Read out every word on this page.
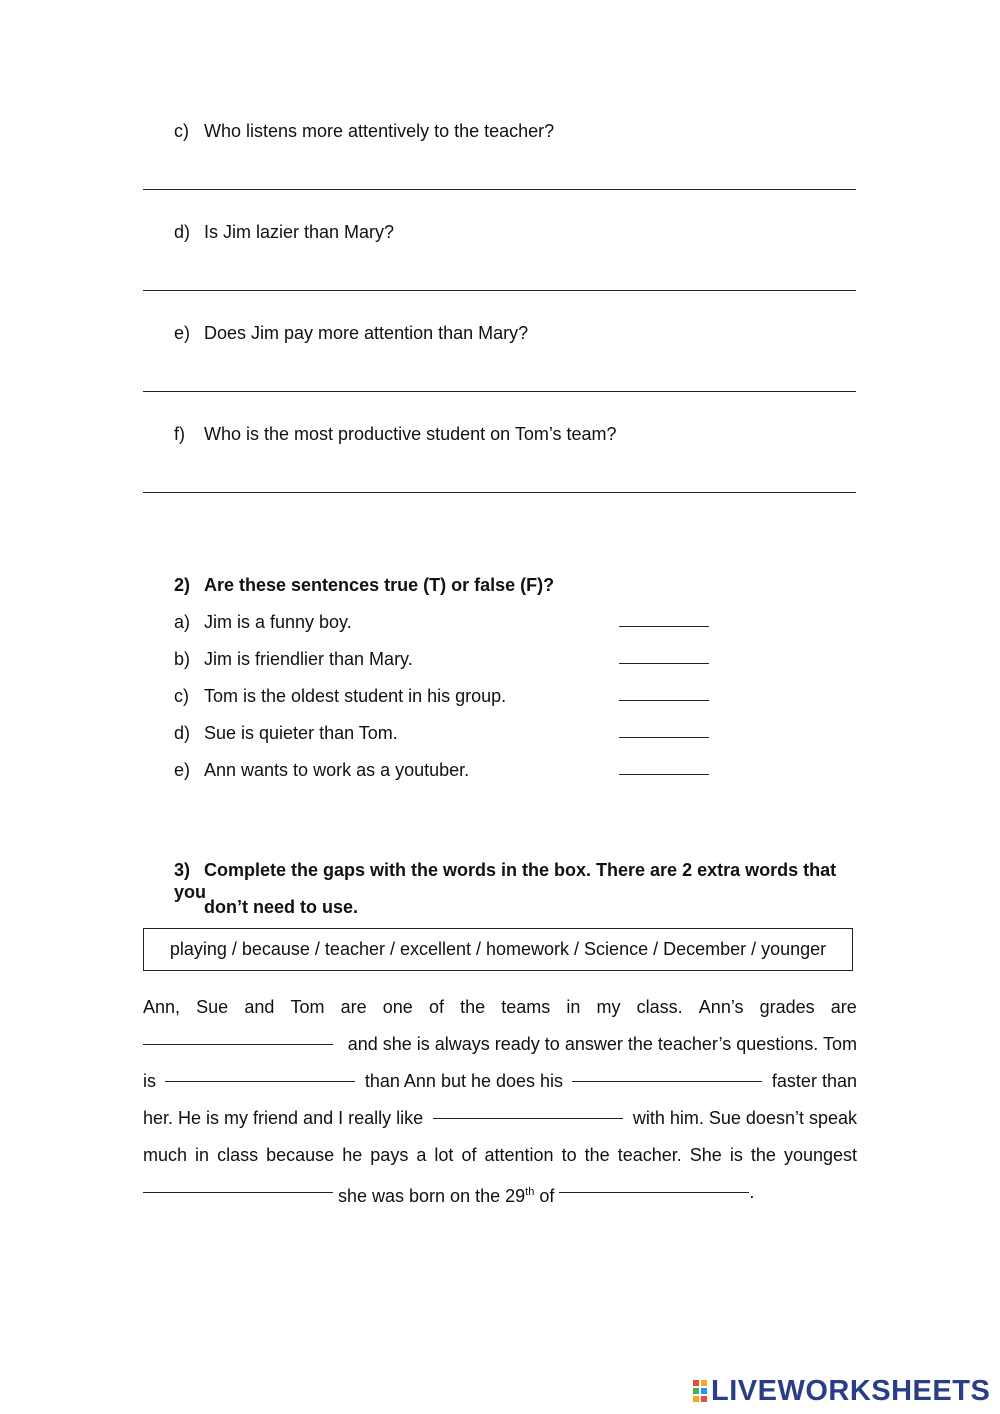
c) Who listens more attentively to the teacher?
d) Is Jim lazier than Mary?
e) Does Jim pay more attention than Mary?
f) Who is the most productive student on Tom’s team?
2) Are these sentences true (T) or false (F)?
a) Jim is a funny boy.
b) Jim is friendlier than Mary.
c) Tom is the oldest student in his group.
d) Sue is quieter than Tom.
e) Ann wants to work as a youtuber.
3) Complete the gaps with the words in the box. There are 2 extra words that you
don’t need to use.
playing / because / teacher / excellent / homework / Science / December / younger
Ann, Sue and Tom are one of the teams in my class. Ann’s grades are
and she is always ready to answer the teacher’s questions. Tom
is	than Ann but he does his	faster than
her. He is my friend and I really like	with him. Sue doesn’t speak
much in class because he pays a lot of attention to the teacher. She is the youngest
she was born on the 29th of	.
LIVEWORKSHEETS
